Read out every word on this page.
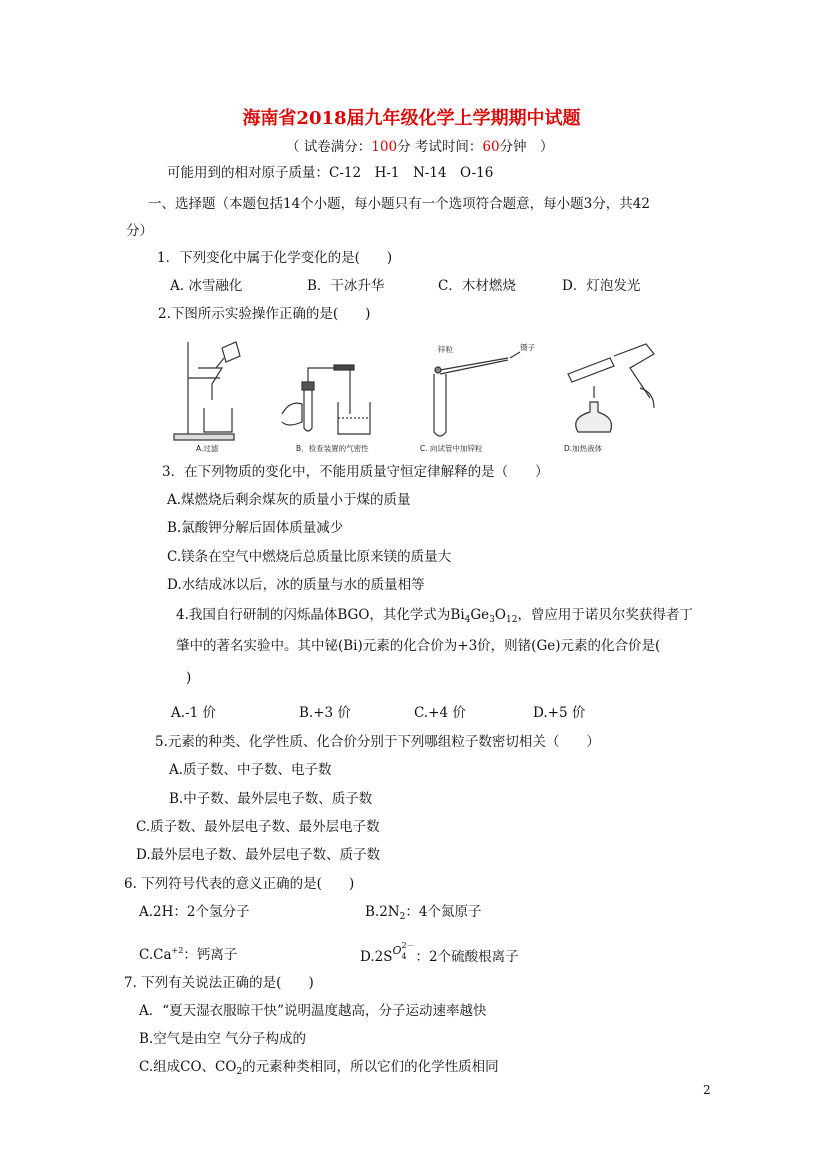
海南省2018届九年级化学上学期期中试题
（ 试卷满分：100分 考试时间：60分钟　）
可能用到的相对原子质量：C-12　H-1　N-14　O-16
一、选择题（本题包括14个小题，每小题只有一个选项符合题意，每小题3分，共42
分）
1．下列变化中属于化学变化的是(　　)
A. 冰雪融化	B．干冰升华	C．木材燃烧	D．灯泡发光
2.下图所示实验操作正确的是(　　)
锌粒	镊子
A.过滤	B．检查装置的气密性	C. 向试管中加锌粒	D.加热液体
3．在下列物质的变化中，不能用质量守恒定律解释的是（　　）
A.煤燃烧后剩余煤灰的质量小于煤的质量
B.氯酸钾分解后固体质量减少
C.镁条在空气中燃烧后总质量比原来镁的质量大
D.水结成冰以后，冰的质量与水的质量相等
4.我国自行研制的闪烁晶体BGO，其化学式为$Bi_4Ge_3O_{12}$，曾应用于诺贝尔奖获得者丁
肇中的著名实验中。其中铋(Bi)元素的化合价为+3价，则锗(Ge)元素的化合价是(
)
A.-1 价	B.+3 价	C.+4 价	D.+5 价
5.元素的种类、化学性质、化合价分别于下列哪组粒子数密切相关（　　）
A.质子数、中子数、电子数
B.中子数、最外层电子数、质子数
C.质子数、最外层电子数、最外层电子数
D.最外层电子数、最外层电子数、质子数
6. 下列符号代表的意义正确的是(　　)
A.2H：2个氢分子	$B.2N_2$：4个氮原子
$C.Ca^{+2}$：钙离子	$D.2S^O$ 2－
4 ：2个硫酸根离子
7. 下列有关说法正确的是(　　)
A．“夏天湿衣服晾干快”说明温度越高，分子运动速率越快
B.空气是由空 气分子构成的
C.组成CO、$CO_2$的元素种类相同，所以它们的化学性质相同
2
